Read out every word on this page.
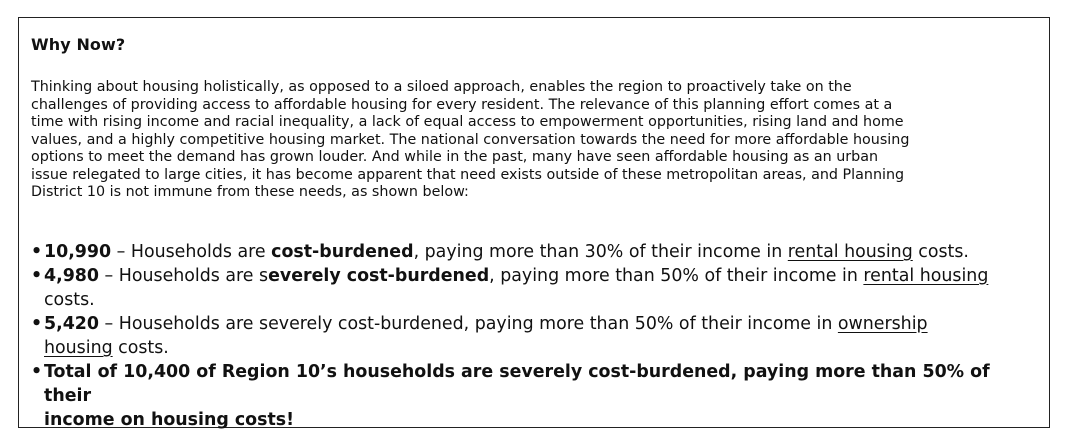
Why Now?

Thinking about housing holistically, as opposed to a siloed approach, enables the region to proactively take on the
challenges of providing access to affordable housing for every resident. The relevance of this planning effort comes at a
time with rising income and racial inequality, a lack of equal access to empowerment opportunities, rising land and home
values, and a highly competitive housing market. The national conversation towards the need for more affordable housing
options to meet the demand has grown louder. And while in the past, many have seen affordable housing as an urban
issue relegated to large cities, it has become apparent that need exists outside of these metropolitan areas, and Planning
District 10 is not immune from these needs, as shown below:

• 10,990 – Households are cost-burdened, paying more than 30% of their income in rental housing costs.
• 4,980 – Households are severely cost-burdened, paying more than 50% of their income in rental housing
costs.
• 5,420 – Households are severely cost-burdened, paying more than 50% of their income in ownership
housing costs.
• Total of 10,400 of Region 10’s households are severely cost-burdened, paying more than 50% of their
income on housing costs!
